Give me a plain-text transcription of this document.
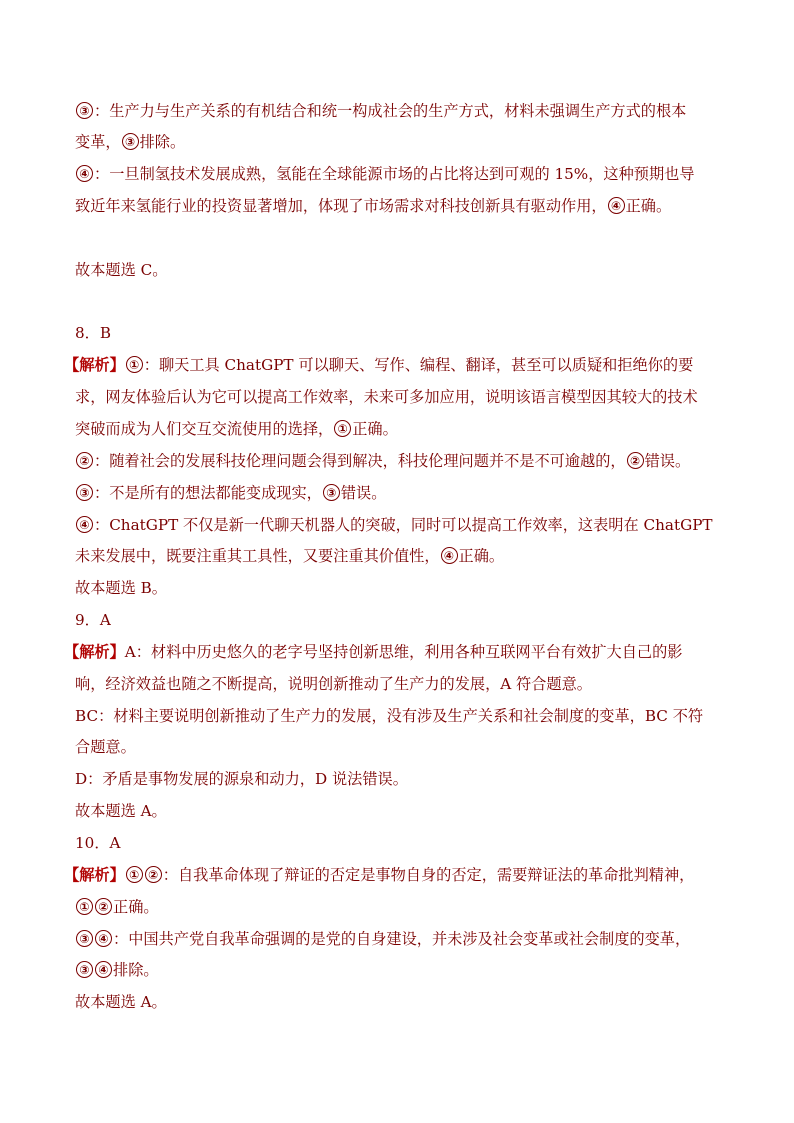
③ ：生产力与生产关系的有机结合和统一构成社会的生产方式，材料未强调生产方式的根本
变革， ③ 排除。
④ ：一旦制氢技术发展成熟，氢能在全球能源市场的占比将达到可观的 15%，这种预期也导
致近年来氢能行业的投资显著增加，体现了市场需求对科技创新具有驱动作用， ④ 正确。
故本题选 C。
8．B
【解析】 ① ：聊天工具 ChatGPT 可以聊天、写作、编程、翻译，甚至可以质疑和拒绝你的要
求，网友体验后认为它可以提高工作效率，未来可多加应用，说明该语言模型因其较大的技术
突破而成为人们交互交流使用的选择， ① 正确。
② ：随着社会的发展科技伦理问题会得到解决，科技伦理问题并不是不可逾越的， ② 错误。
③ ：不是所有的想法都能变成现实， ③ 错误。
④ ：ChatGPT 不仅是新一代聊天机器人的突破，同时可以提高工作效率，这表明在 ChatGPT
未来发展中，既要注重其工具性，又要注重其价值性， ④ 正确。
故本题选 B。
9．A
【解析】A：材料中历史悠久的老字号坚持创新思维，利用各种互联网平台有效扩大自己的影
响，经济效益也随之不断提高，说明创新推动了生产力的发展，A 符合题意。
BC：材料主要说明创新推动了生产力的发展，没有涉及生产关系和社会制度的变革，BC 不符
合题意。
D：矛盾是事物发展的源泉和动力，D 说法错误。
故本题选 A。
10．A
【解析】 ① ② ：自我革命体现了辩证的否定是事物自身的否定，需要辩证法的革命批判精神，
① ② 正确。
③ ④ ：中国共产党自我革命强调的是党的自身建设，并未涉及社会变革或社会制度的变革，
③ ④ 排除。
故本题选 A。
